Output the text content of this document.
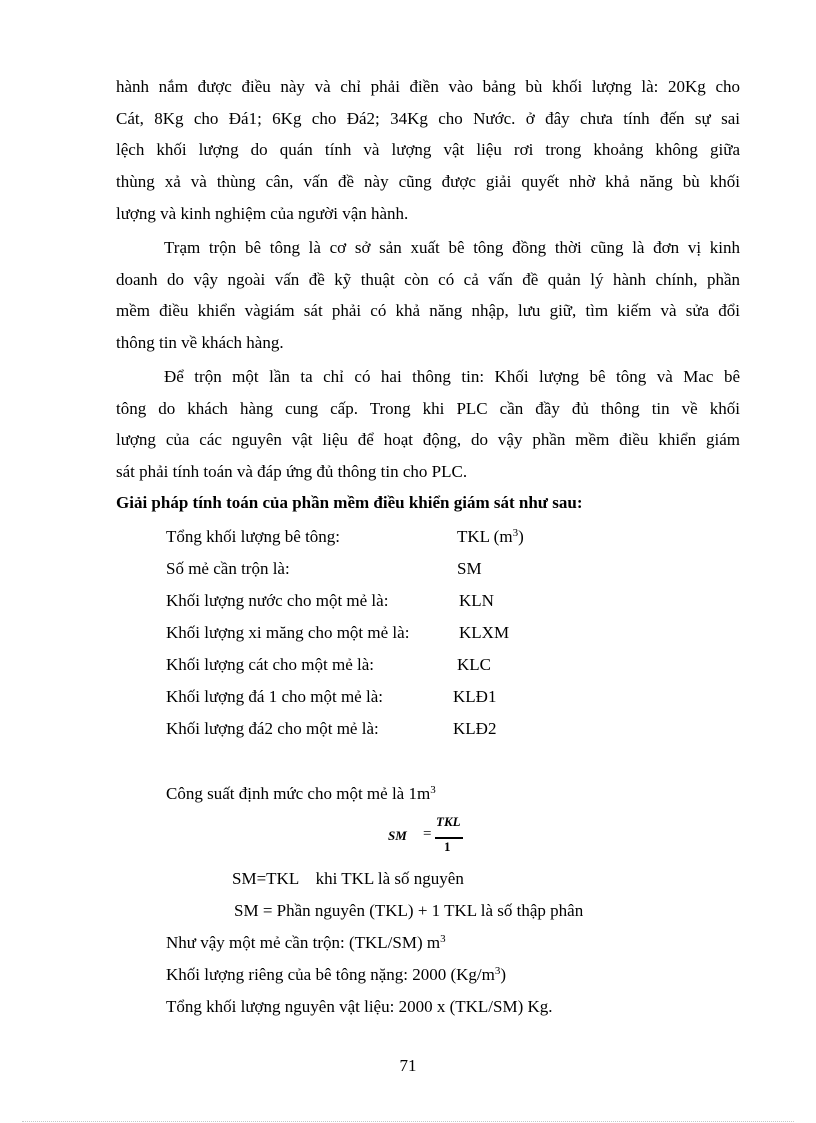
hành nắm được điều này và chỉ phải điền vào bảng bù khối lượng là: 20Kg cho
Cát, 8Kg cho Đá1; 6Kg cho Đá2; 34Kg cho Nước. ở đây chưa tính đến sự sai
lệch khối lượng do quán tính và lượng vật liệu rơi trong khoảng không giữa
thùng xả và thùng cân, vấn đề này cũng được giải quyết nhờ khả năng bù khối
lượng và kinh nghiệm của người vận hành.
Trạm trộn bê tông là cơ sở sản xuất bê tông đồng thời cũng là đơn vị kinh
doanh do vậy ngoài vấn đề kỹ thuật còn có cả vấn đề quản lý hành chính, phần
mềm điều khiển vàgiám sát phải có khả năng nhập, lưu giữ, tìm kiếm và sửa đổi
thông tin về khách hàng.
Để trộn một lần ta chỉ có hai thông tin: Khối lượng bê tông và Mac bê
tông do khách hàng cung cấp. Trong khi PLC cần đầy đủ thông tin về khối
lượng của các nguyên vật liệu để hoạt động, do vậy phần mềm điều khiển giám
sát phải tính toán và đáp ứng đủ thông tin cho PLC.
Giải pháp tính toán của phần mềm điều khiển giám sát như sau:
Tổng khối lượng bê tông:	TKL $(m^3)$
Số mẻ cần trộn là:	SM
Khối lượng nước cho một mẻ là:	KLN
Khối lượng xi măng cho một mẻ là:	KLXM
Khối lượng cát cho một mẻ là:	KLC
Khối lượng đá 1 cho một mẻ là:	KLĐ1
Khối lượng đá2 cho một mẻ là:	KLĐ2
Công suất định mức cho một mẻ là $1m^3$
SM =
TKL
1
SM=TKL    khi TKL là số nguyên
SM = Phần nguyên (TKL) + 1 TKL là số thập phân
Như vậy một mẻ cần trộn: (TKL/SM) $m^3$
Khối lượng riêng của bê tông nặng: 2000 $(Kg/m^3)$
Tổng khối lượng nguyên vật liệu: 2000 x (TKL/SM) Kg.
71
